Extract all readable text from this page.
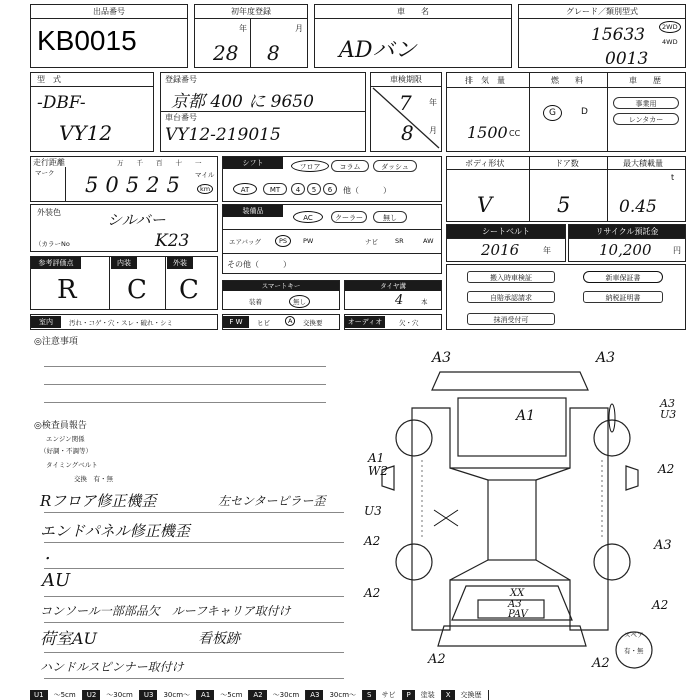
出品番号
KB0015
初年度登録
年	月
28 8
車　　名
ADバン
グレード／類別型式
15633
0013
2WD
4WD
型　式
-DBF-
VY12
登録番号
京都 400 に 9650
車台番号
VY12-219015
車検期限
年
月
7
8
排　気　量
1500 CC
燃　　料
G	D
車　　歴
事業用
レンタカー
走行距離
マーク
万 千 百 十 一
50525 マイル
km
シフト	フロア	コラム	ダッシュ
AT	MT	4	5	6	他（　　　）
ボディ形状
V
ドア数
5
最大積載量
t
0.45
外装色	シルバー
（カラーNo	K23
装備品
AC	クーラー	無し
エアバッグ	PS	PW	ナビ	SR	AW
その他（　　　）
シートベルト
2016	年
リサイクル預託金
10,200	円
参考評価点	内装	外装
R C C	スマートキー
装着	無し
タイヤ溝
4	本
搬入時車検証
自賠承認請求
抹消受付可
新車保証書
納税証明書
室内	汚れ・コゲ・穴・スレ・破れ・シミ	F W	ヒビ	A	交換要	オーディオ	欠・穴
◎注意事項
◎検査員報告
エンジン関係
（好調・不調等）
タイミングベルト
交換　有・無
Rフロア修正機歪	左センターピラー歪
エンドパネル修正機歪
・
AU
コンソール一部部品欠　ルーフキャリア取付け
荷室AU	看板跡
ハンドルスピンナー取付け
A3	A3
A1
A3
U3
A1
W2	A2
U3
A2	A3
A2
A2
XX
A3
PAV
A2	A2
スペア
有・無
U1	〜5cm	U2	〜30cm	U3	30cm〜	A1	〜5cm	A2	〜30cm	A3	30cm〜	S	サビ	P	塗装	X	交換歴
